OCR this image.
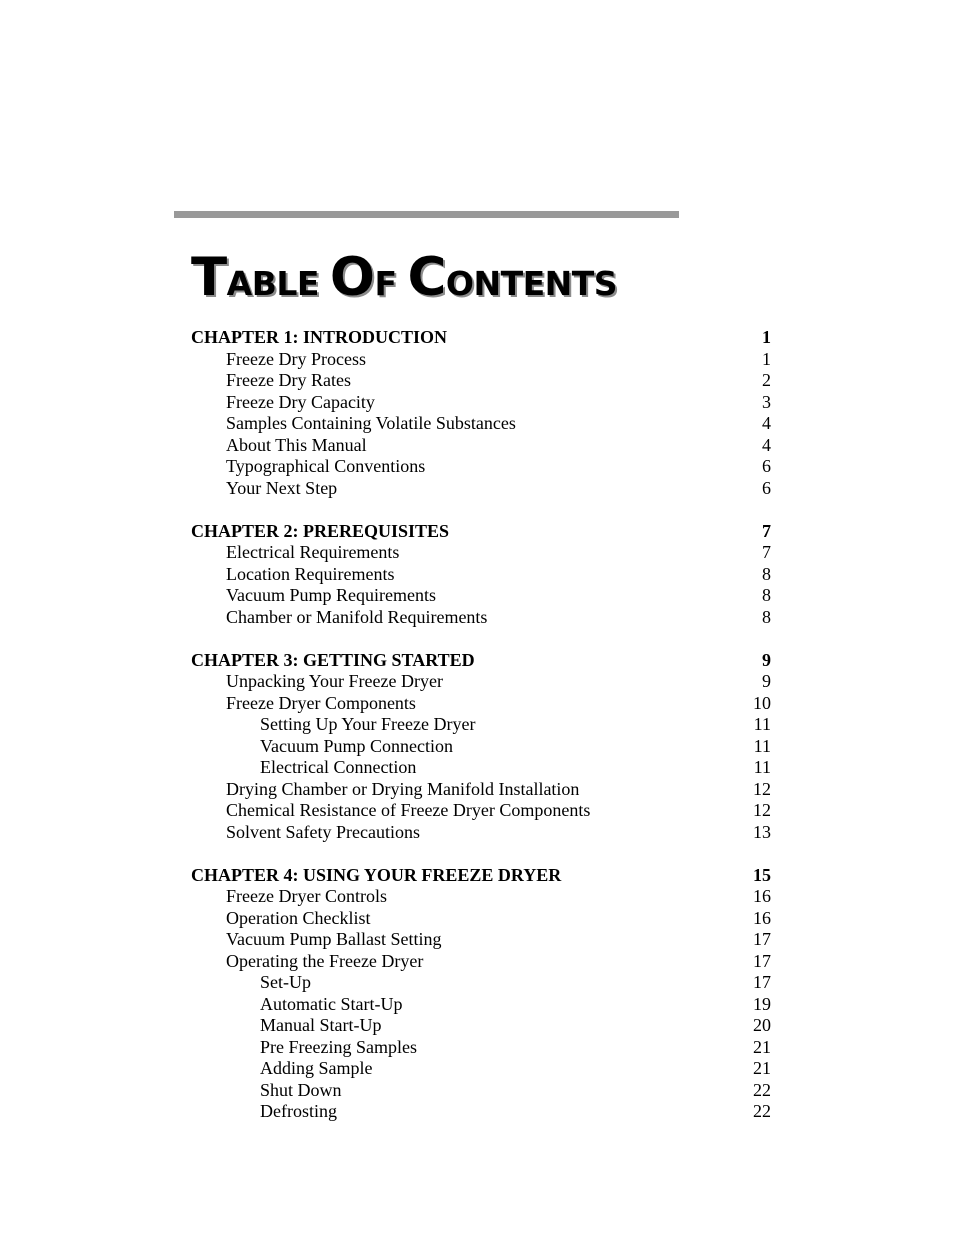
TABLE OF CONTENTS
CHAPTER 1: INTRODUCTION	1
Freeze Dry Process	1
Freeze Dry Rates	2
Freeze Dry Capacity	3
Samples Containing Volatile Substances	4
About This Manual	4
Typographical Conventions	6
Your Next Step	6
CHAPTER 2: PREREQUISITES	7
Electrical Requirements	7
Location Requirements	8
Vacuum Pump Requirements	8
Chamber or Manifold Requirements	8
CHAPTER 3: GETTING STARTED	9
Unpacking Your Freeze Dryer	9
Freeze Dryer Components	10
Setting Up Your Freeze Dryer	11
Vacuum Pump Connection	11
Electrical Connection	11
Drying Chamber or Drying Manifold Installation	12
Chemical Resistance of Freeze Dryer Components	12
Solvent Safety Precautions	13
CHAPTER 4: USING YOUR FREEZE DRYER	15
Freeze Dryer Controls	16
Operation Checklist	16
Vacuum Pump Ballast Setting	17
Operating the Freeze Dryer	17
Set-Up	17
Automatic Start-Up	19
Manual Start-Up	20
Pre Freezing Samples	21
Adding Sample	21
Shut Down	22
Defrosting	22
